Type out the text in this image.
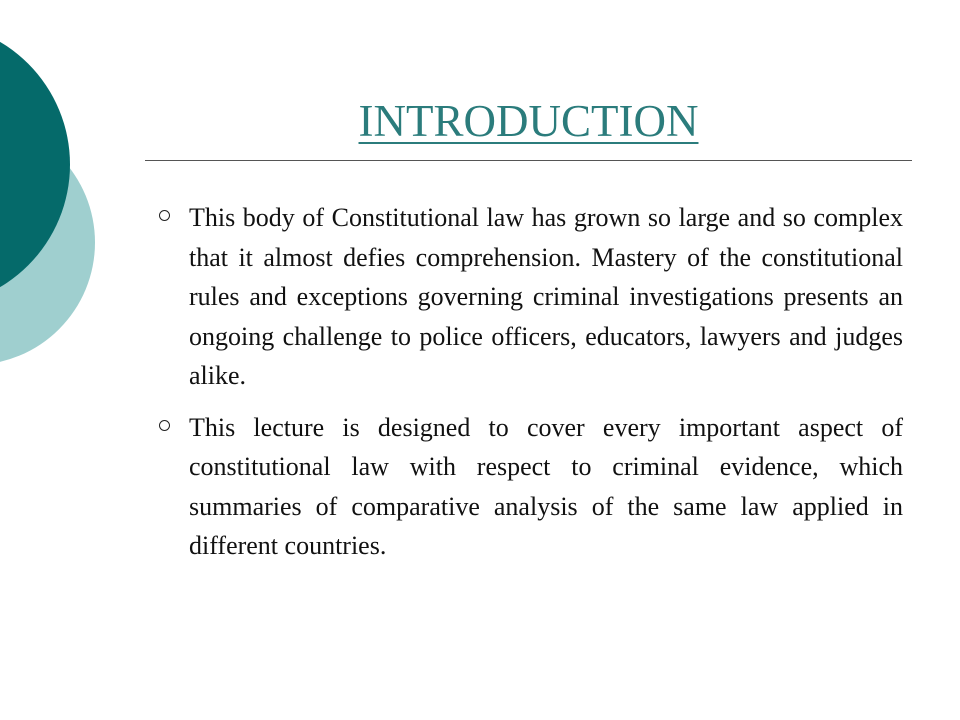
INTRODUCTION
This body of Constitutional law has grown so large and so complex that it almost defies comprehension. Mastery of the constitutional rules and exceptions governing criminal investigations presents an ongoing challenge to police officers, educators, lawyers and judges alike.
This lecture is designed to cover every important aspect of constitutional law with respect to criminal evidence, which summaries of comparative analysis of the same law applied in different countries.
